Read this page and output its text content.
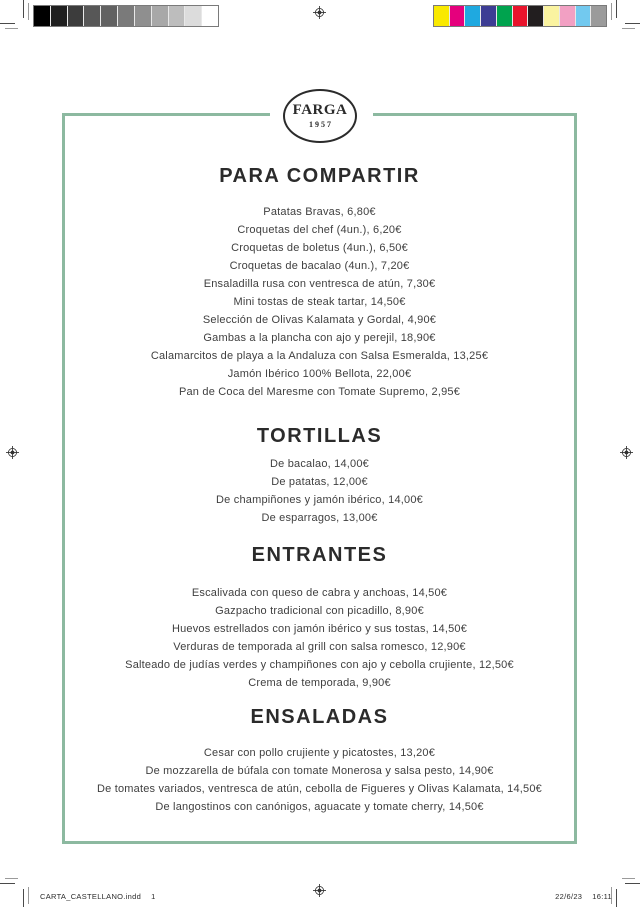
FARGA
1957
PARA COMPARTIR

Patatas Bravas, 6,80€

Croquetas del chef (4un.), 6,20€

Croquetas de boletus (4un.), 6,50€

Croquetas de bacalao (4un.), 7,20€

Ensaladilla rusa con ventresca de atún, 7,30€

Mini tostas de steak tartar, 14,50€

Selección de Olivas Kalamata y Gordal, 4,90€

Gambas a la plancha con ajo y perejil, 18,90€

Calamarcitos de playa a la Andaluza con Salsa Esmeralda, 13,25€

Jamón Ibérico 100% Bellota, 22,00€

Pan de Coca del Maresme con Tomate Supremo, 2,95€

TORTILLAS

De bacalao, 14,00€

De patatas, 12,00€

De champiñones y jamón ibérico, 14,00€

De esparragos, 13,00€

ENTRANTES

Escalivada con queso de cabra y anchoas, 14,50€

Gazpacho tradicional con picadillo, 8,90€

Huevos estrellados con jamón ibérico y sus tostas, 14,50€

Verduras de temporada al grill con salsa romesco, 12,90€

Salteado de judías verdes y champiñones con ajo y cebolla crujiente, 12,50€

Crema de temporada, 9,90€

ENSALADAS

Cesar con pollo crujiente y picatostes, 13,20€

De mozzarella de búfala con tomate Monerosa y salsa pesto, 14,90€

De tomates variados, ventresca de atún, cebolla de Figueres y Olivas Kalamata, 14,50€

De langostinos con canónigos, aguacate y tomate cherry, 14,50€

CARTA_CASTELLANO.indd 1	22/6/23 16:11
